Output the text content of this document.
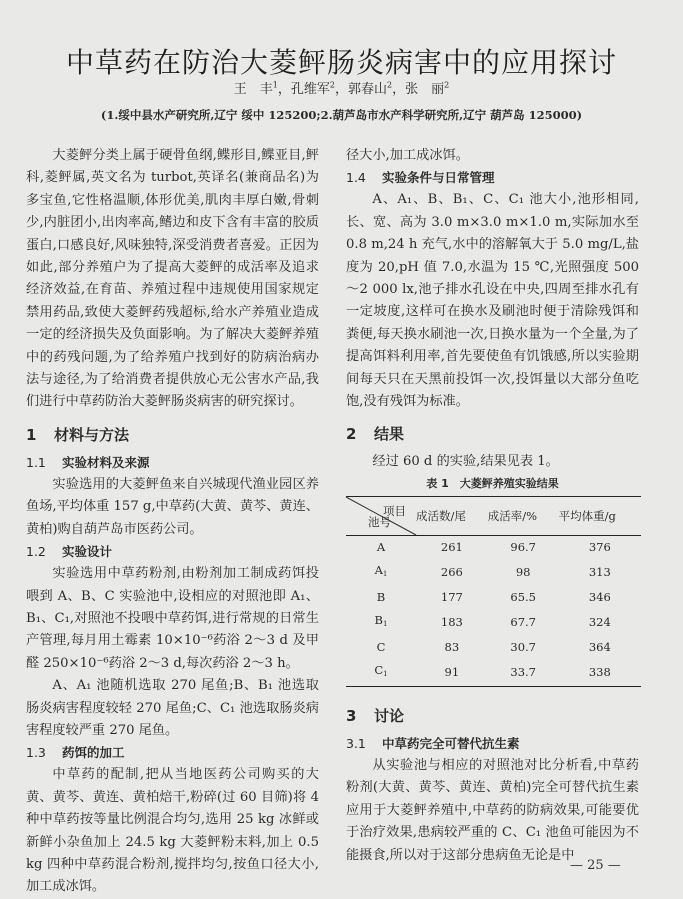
中草药在防治大菱鲆肠炎病害中的应用探讨
王　丰$^1$，孔维军$^2$，郭春山$^2$，张　丽$^2$
(1.绥中县水产研究所,辽宁 绥中 125200;2.葫芦岛市水产科学研究所,辽宁 葫芦岛 125000)

大菱鲆分类上属于硬骨鱼纲,鲽形目,鲽亚目,鲆科,菱鲆属,英文名为 turbot,英译名(兼商品名)为多宝鱼,它性格温顺,体形优美,肌肉丰厚白嫩,骨刺少,内脏团小,出肉率高,鳍边和皮下含有丰富的胶质蛋白,口感良好,风味独特,深受消费者喜爱。正因为如此,部分养殖户为了提高大菱鲆的成活率及追求经济效益,在育苗、养殖过程中违规使用国家规定禁用药品,致使大菱鲆药残超标,给水产养殖业造成一定的经济损失及负面影响。为了解决大菱鲆养殖中的药残问题,为了给养殖户找到好的防病治病办法与途径,为了给消费者提供放心无公害水产品,我们进行中草药防治大菱鲆肠炎病害的研究探讨。

1 材料与方法
1.1 实验材料及来源

实验选用的大菱鲆鱼来自兴城现代渔业园区养鱼场,平均体重 157 g,中草药(大黄、黄芩、黄连、黄柏)购自葫芦岛市医药公司。

1.2 实验设计

实验选用中草药粉剂,由粉剂加工制成药饵投喂到 A、B、C 实验池中,设相应的对照池即 A₁、B₁、C₁,对照池不投喂中草药饵,进行常规的日常生产管理,每月用土霉素 10×10⁻⁶药浴 2～3 d 及甲醛 250×10⁻⁶药浴 2～3 d,每次药浴 2～3 h。

A、A₁ 池随机选取 270 尾鱼;B、B₁ 池选取肠炎病害程度较轻 270 尾鱼;C、C₁ 池选取肠炎病害程度较严重 270 尾鱼。

1.3 药饵的加工

中草药的配制,把从当地医药公司购买的大黄、黄芩、黄连、黄柏焙干,粉碎(过 60 目筛)将 4 种中草药按等量比例混合均匀,选用 25 kg 冰鲜或新鲜小杂鱼加上 24.5 kg 大菱鲆粉末料,加上 0.5 kg 四种中草药混合粉剂,搅拌均匀,按鱼口径大小,加工成冰饵。

径大小,加工成冰饵。

1.4 实验条件与日常管理

A、A₁、B、B₁、C、C₁ 池大小,池形相同,长、宽、高为 3.0 m×3.0 m×1.0 m,实际加水至 0.8 m,24 h 充气,水中的溶解氧大于 5.0 mg/L,盐度为 20,pH 值 7.0,水温为 15 ℃,光照强度 500～2 000 lx,池子排水孔设在中央,四周至排水孔有一定坡度,这样可在换水及刷池时便于清除残饵和粪便,每天换水刷池一次,日换水量为一个全量,为了提高饵料利用率,首先要使鱼有饥饿感,所以实验期间每天只在天黑前投饵一次,投饵量以大部分鱼吃饱,没有残饵为标准。

2 结果

经过 60 d 的实验,结果见表 1。

表 1　大菱鲆养殖实验结果
项目
池号	成活数/尾	成活率/%	平均体重/g
A	261	96.7	376
$A_1$	266	98	313
B	177	65.5	346
$B_1$	183	67.7	324
C	83	30.7	364
$C_1$	91	33.7	338
3 讨论
3.1 中草药完全可替代抗生素

从实验池与相应的对照池对比分析看,中草药粉剂(大黄、黄芩、黄连、黄柏)完全可替代抗生素应用于大菱鲆养殖中,中草药的防病效果,可能要优于治疗效果,患病较严重的 C、C₁ 池鱼可能因为不能摄食,所以对于这部分患病鱼无论是中

— 25 —
